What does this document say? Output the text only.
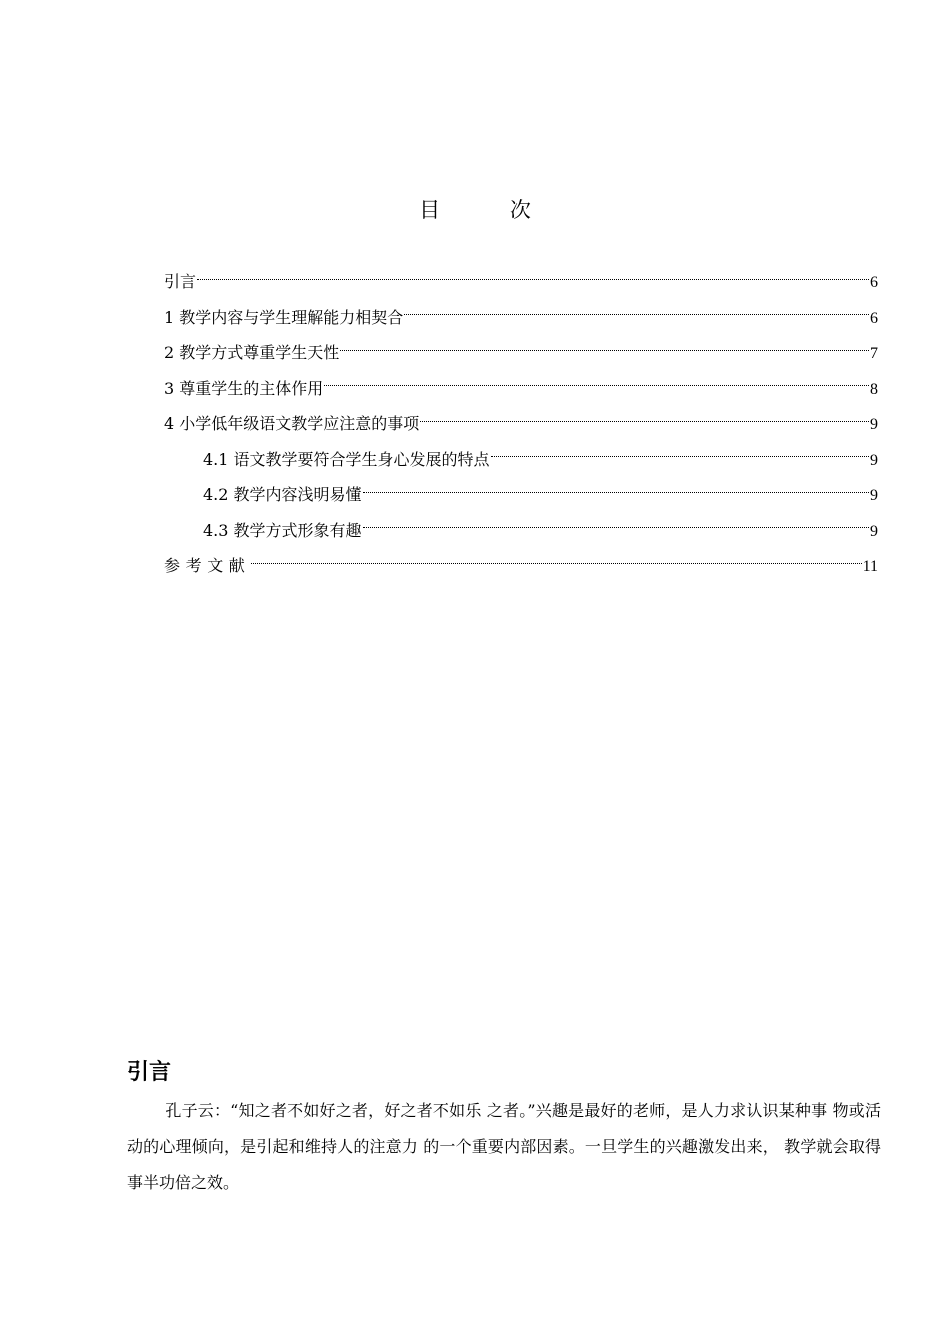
目 次
引言	6
1 教学内容与学生理解能力相契合	6
2 教学方式尊重学生天性	7
3 尊重学生的主体作用	8
4 小学低年级语文教学应注意的事项	9
4.1 语文教学要符合学生身心发展的特点	9
4.2 教学内容浅明易懂	9
4.3 教学方式形象有趣	9
参考文献	11
引言
孔子云：“知之者不如好之者，好之者不如乐 之者。”兴趣是最好的老师，是人力求认识某种事 物或活动的心理倾向，是引起和维持人的注意力 的一个重要内部因素。一旦学生的兴趣激发出来， 教学就会取得事半功倍之效。
